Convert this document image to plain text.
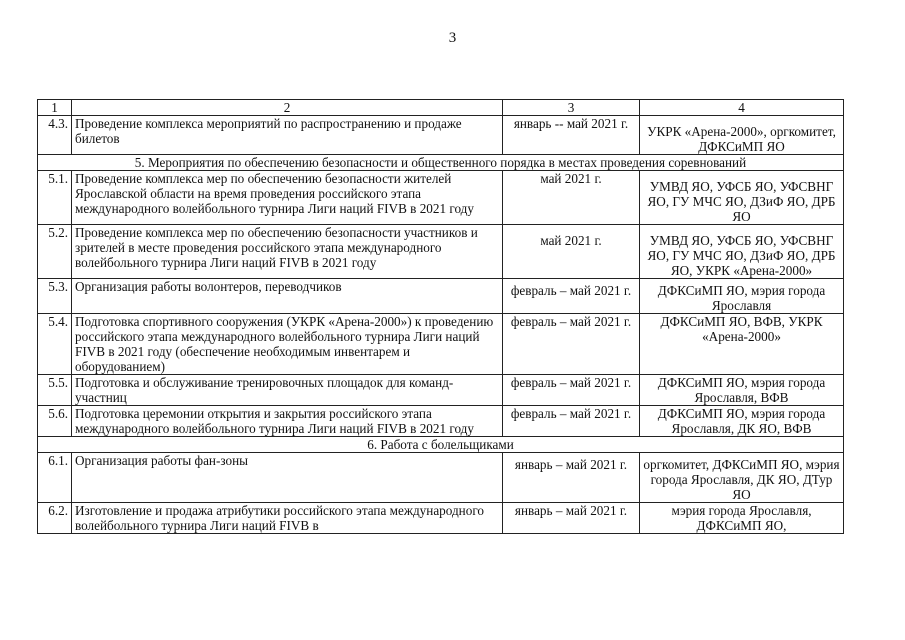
3
1	2	3	4
4.3.	Проведение комплекса мероприятий по распространению и продаже билетов	январь -- май 2021 г.	УКРК «Арена-2000», оргкомитет, ДФКСиМП ЯО
5. Мероприятия по обеспечению безопасности и общественного порядка в местах проведения соревнований			
5.1.	Проведение комплекса мер по обеспечению безопасности жителей Ярославской области на время проведения российского этапа международного волейбольного турнира Лиги наций FIVB в 2021 году	май 2021 г.	УМВД ЯО, УФСБ ЯО, УФСВНГ ЯО, ГУ МЧС ЯО, ДЗиФ ЯО, ДРБ ЯО
5.2.	Проведение комплекса мер по обеспечению безопасности участников и зрителей в месте проведения российского этапа международного волейбольного турнира Лиги наций FIVB в 2021 году	май 2021 г.	УМВД ЯО, УФСБ ЯО, УФСВНГ ЯО, ГУ МЧС ЯО, ДЗиФ ЯО, ДРБ ЯО, УКРК «Арена-2000»
5.3.	Организация работы волонтеров, переводчиков	февраль – май 2021 г.	ДФКСиМП ЯО, мэрия города Ярославля
5.4.	Подготовка спортивного сооружения (УКРК «Арена-2000») к проведению российского этапа международного волейбольного турнира Лиги наций FIVB в 2021 году (обеспечение необходимым инвентарем и оборудованием)	февраль – май 2021 г.	ДФКСиМП ЯО, ВФВ, УКРК «Арена-2000»
5.5.	Подготовка и обслуживание тренировочных площадок для команд-участниц	февраль – май 2021 г.	ДФКСиМП ЯО, мэрия города Ярославля, ВФВ
5.6.	Подготовка церемонии открытия и закрытия российского этапа международного волейбольного турнира Лиги наций FIVB в 2021 году	февраль – май 2021 г.	ДФКСиМП ЯО, мэрия города Ярославля, ДК ЯО, ВФВ
6. Работа с болельщиками			
6.1.	Организация работы фан-зоны	январь – май 2021 г.	оргкомитет, ДФКСиМП ЯО, мэрия города Ярославля, ДК ЯО, ДТур ЯО
6.2.	Изготовление и продажа атрибутики российского этапа международного волейбольного турнира Лиги наций FIVB в	январь – май 2021 г.	мэрия города Ярославля, ДФКСиМП ЯО,
